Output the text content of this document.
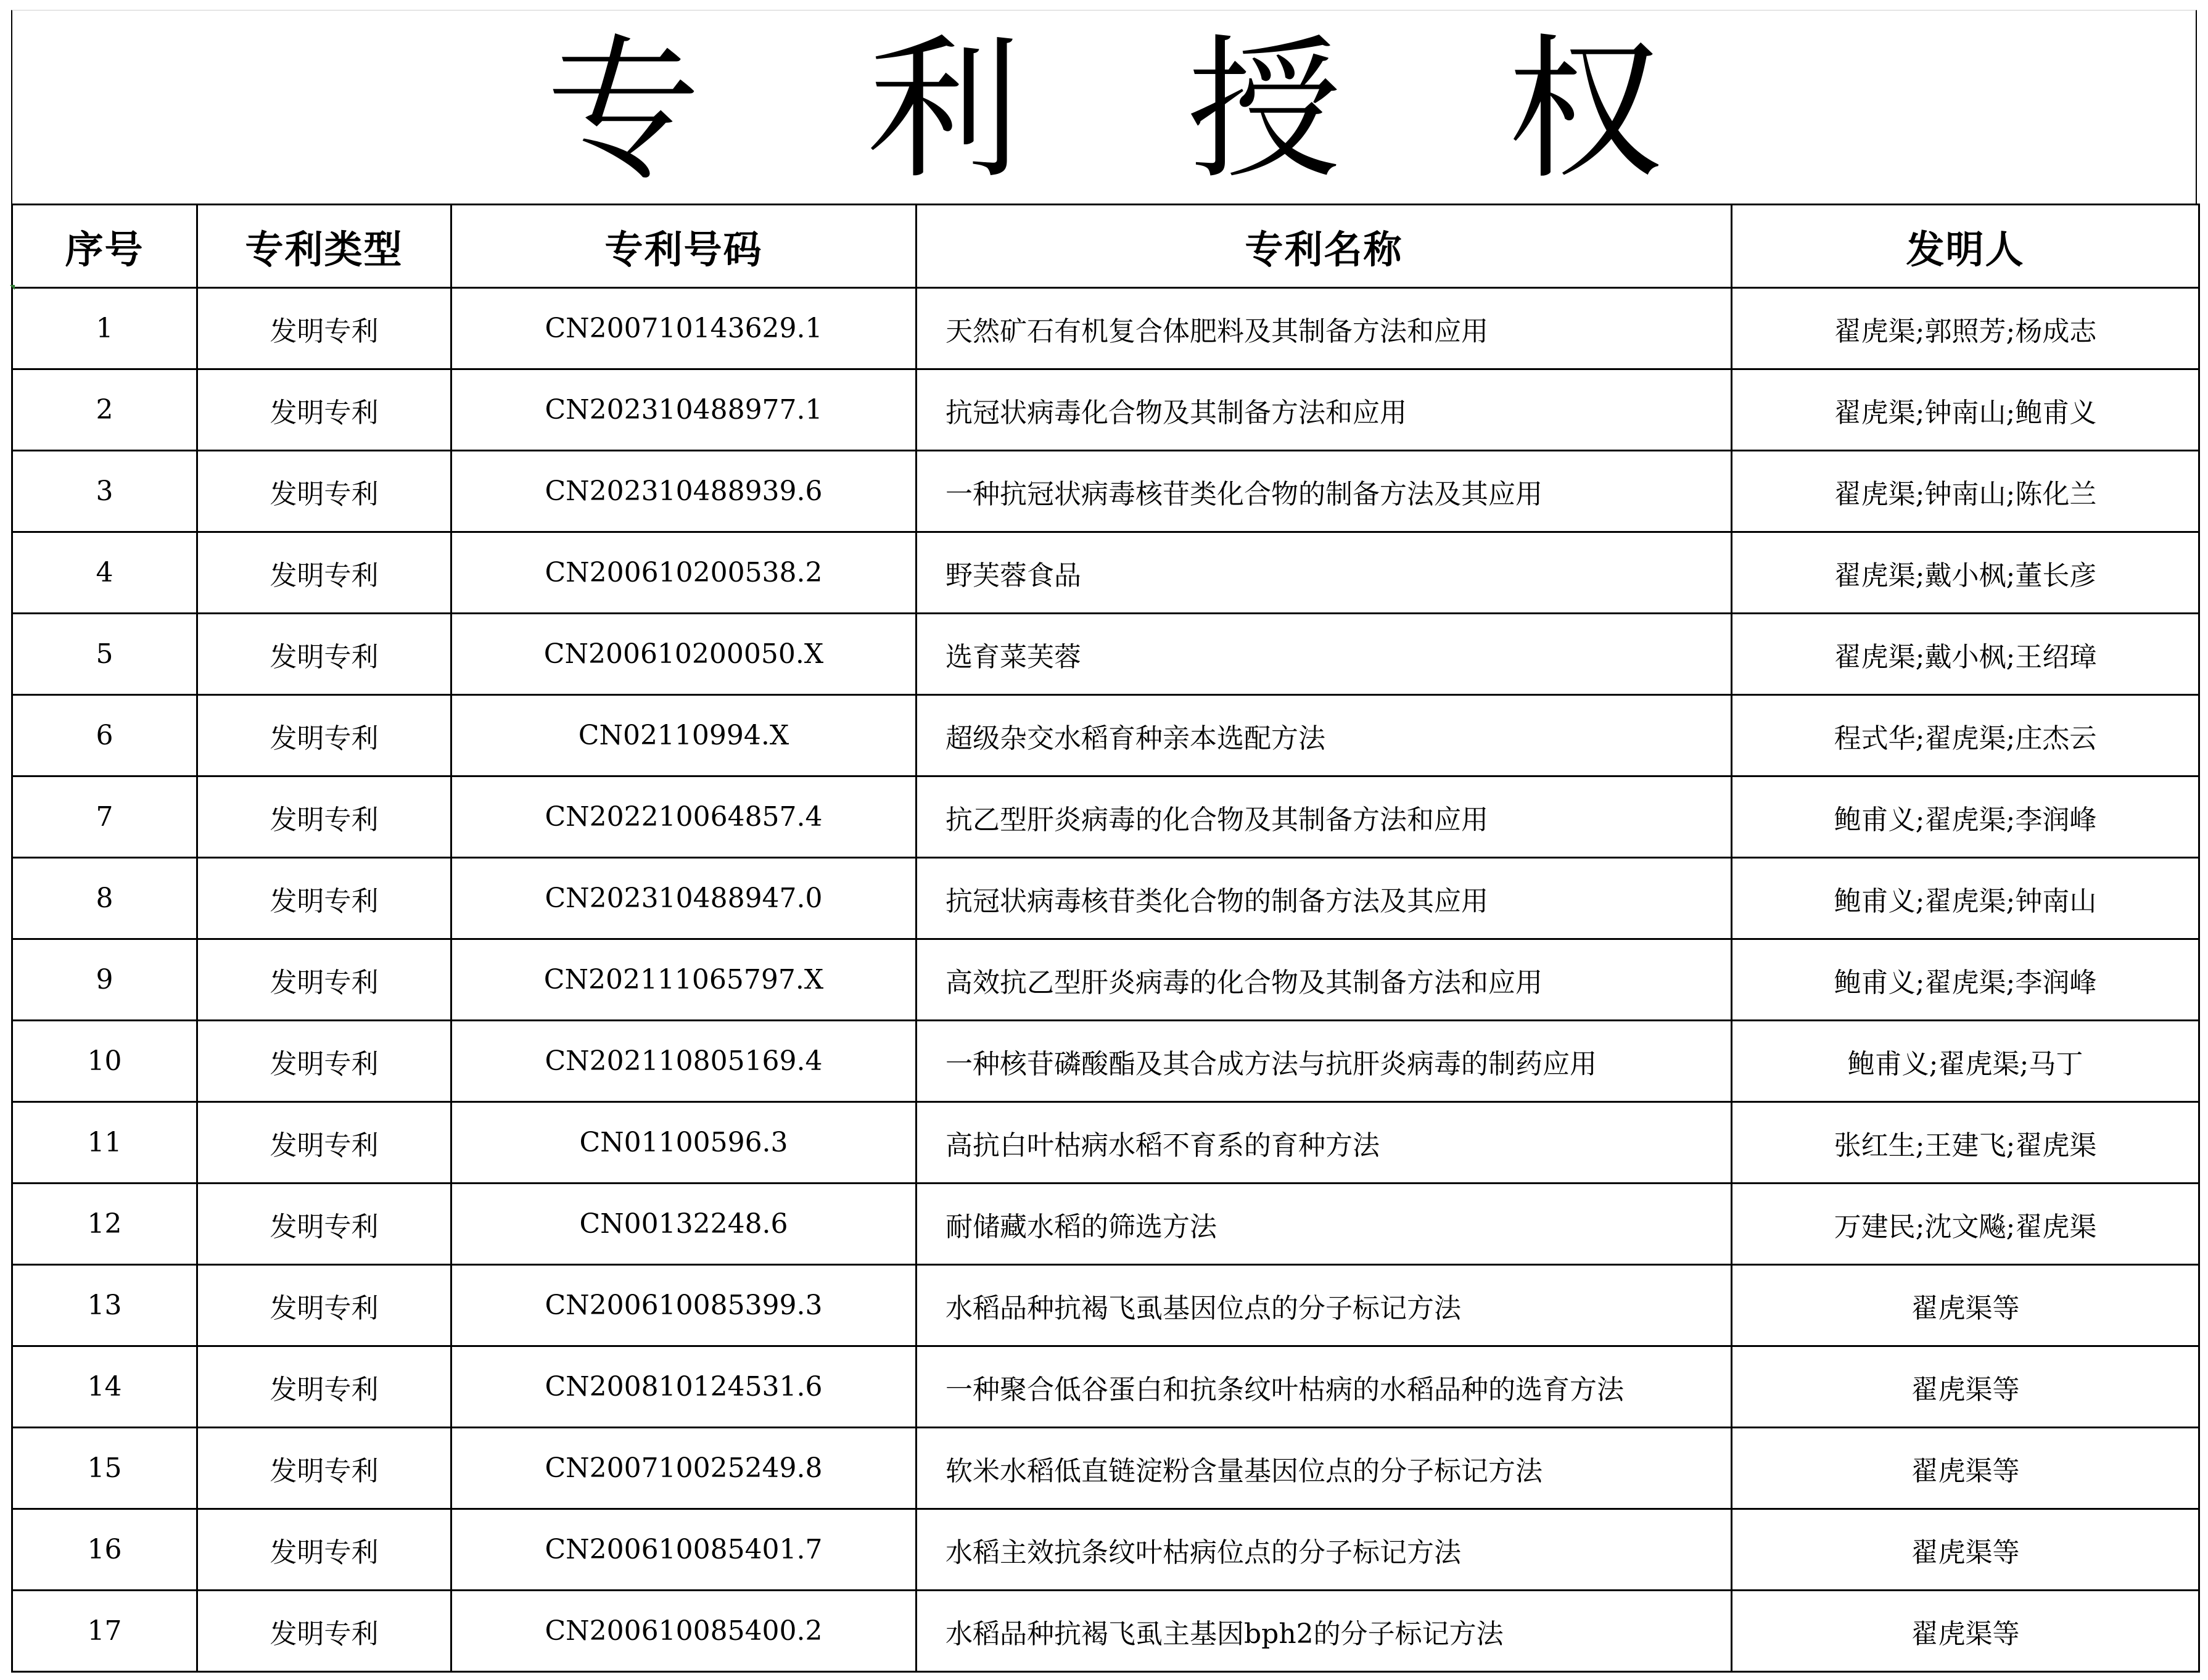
专 利 授 权
序号	专利类型	专利号码	专利名称	发明人
1	发明专利	CN200710143629.1	天然矿石有机复合体肥料及其制备方法和应用	翟虎渠;郭照芳;杨成志
2	发明专利	CN202310488977.1	抗冠状病毒化合物及其制备方法和应用	翟虎渠;钟南山;鲍甫义
3	发明专利	CN202310488939.6	一种抗冠状病毒核苷类化合物的制备方法及其应用	翟虎渠;钟南山;陈化兰
4	发明专利	CN200610200538.2	野芙蓉食品	翟虎渠;戴小枫;董长彦
5	发明专利	CN200610200050.X	选育菜芙蓉	翟虎渠;戴小枫;王绍璋
6	发明专利	CN02110994.X	超级杂交水稻育种亲本选配方法	程式华;翟虎渠;庄杰云
7	发明专利	CN202210064857.4	抗乙型肝炎病毒的化合物及其制备方法和应用	鲍甫义;翟虎渠;李润峰
8	发明专利	CN202310488947.0	抗冠状病毒核苷类化合物的制备方法及其应用	鲍甫义;翟虎渠;钟南山
9	发明专利	CN202111065797.X	高效抗乙型肝炎病毒的化合物及其制备方法和应用	鲍甫义;翟虎渠;李润峰
10	发明专利	CN202110805169.4	一种核苷磷酸酯及其合成方法与抗肝炎病毒的制药应用	鲍甫义;翟虎渠;马丁
11	发明专利	CN01100596.3	高抗白叶枯病水稻不育系的育种方法	张红生;王建飞;翟虎渠
12	发明专利	CN00132248.6	耐储藏水稻的筛选方法	万建民;沈文飚;翟虎渠
13	发明专利	CN200610085399.3	水稻品种抗褐飞虱基因位点的分子标记方法	翟虎渠等
14	发明专利	CN200810124531.6	一种聚合低谷蛋白和抗条纹叶枯病的水稻品种的选育方法	翟虎渠等
15	发明专利	CN200710025249.8	软米水稻低直链淀粉含量基因位点的分子标记方法	翟虎渠等
16	发明专利	CN200610085401.7	水稻主效抗条纹叶枯病位点的分子标记方法	翟虎渠等
17	发明专利	CN200610085400.2	水稻品种抗褐飞虱主基因bph2的分子标记方法	翟虎渠等
